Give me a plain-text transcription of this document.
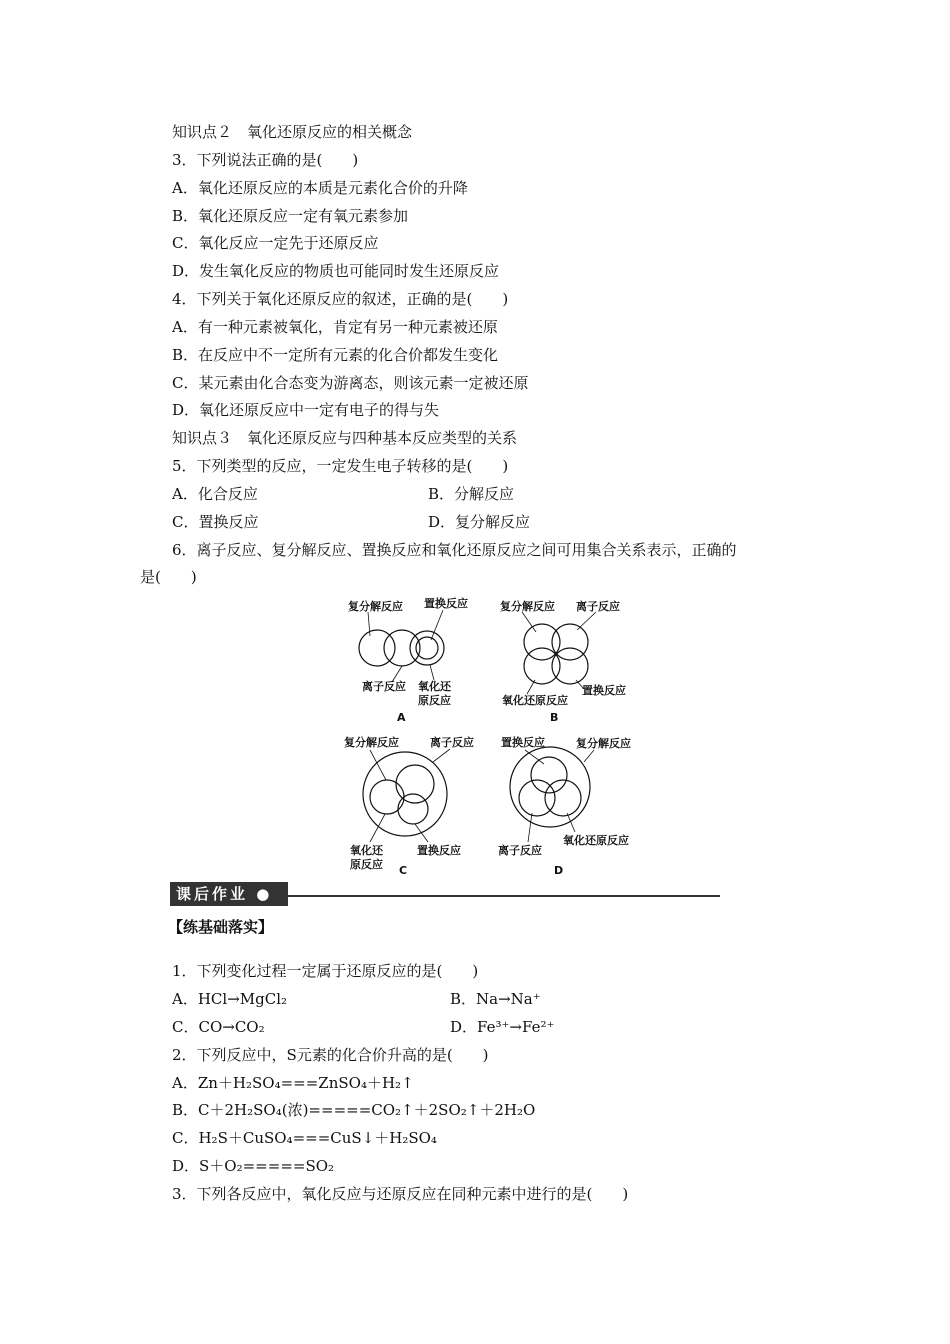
知识点２　氧化还原反应的相关概念
3．下列说法正确的是(　　)
A．氧化还原反应的本质是元素化合价的升降
B．氧化还原反应一定有氧元素参加
C．氧化反应一定先于还原反应
D．发生氧化反应的物质也可能同时发生还原反应
4．下列关于氧化还原反应的叙述，正确的是(　　)
A．有一种元素被氧化，肯定有另一种元素被还原
B．在反应中不一定所有元素的化合价都发生变化
C．某元素由化合态变为游离态，则该元素一定被还原
D．氧化还原反应中一定有电子的得与失
知识点３　氧化还原反应与四种基本反应类型的关系
5．下列类型的反应，一定发生电子转移的是(　　)
A．化合反应	B．分解反应
C．置换反应	D．复分解反应
6．离子反应、复分解反应、置换反应和氧化还原反应之间可用集合关系表示，正确的
是(　　)
复分解反应 置换反应
离子反应 氧化还
原反应
A
复分解反应 离子反应
氧化还原反应
置换反应
B
复分解反应	离子反应
氧化还
原反应
置换反应
C
置换反应	复分解反应
离子反应
氧化还原反应
D
课后作业 ●
【练基础落实】
1．下列变化过程一定属于还原反应的是(　　)
A．HCl→MgCl₂	B．Na→Na⁺
C．CO→CO₂	D．Fe³⁺→Fe²⁺
2．下列反应中，S元素的化合价升高的是(　　)
A．Zn＋H₂SO₄===ZnSO₄＋H₂↑
B．C＋2H₂SO₄(浓)=====CO₂↑＋2SO₂↑＋2H₂O
C．H₂S＋CuSO₄===CuS↓＋H₂SO₄
D．S＋O₂=====SO₂
3．下列各反应中，氧化反应与还原反应在同种元素中进行的是(　　)
